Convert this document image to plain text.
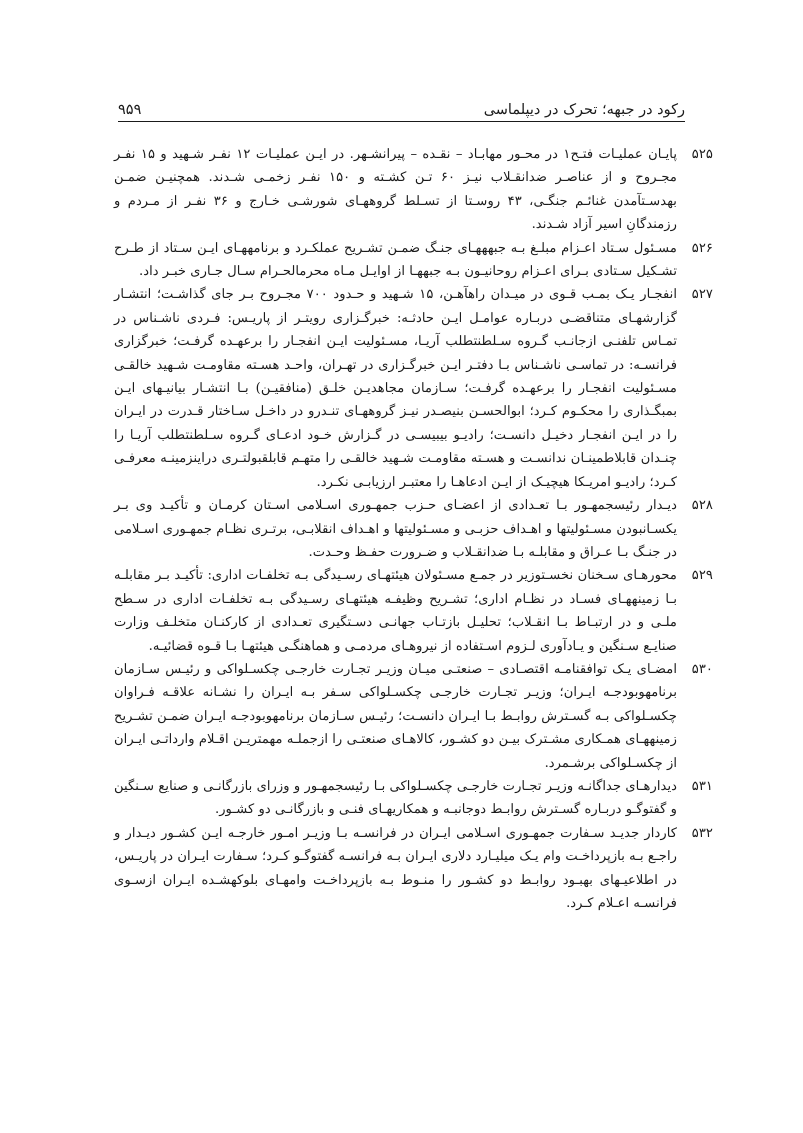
رکود در جبهه؛ تحرک در دیپلماسی
۹۵۹
۵۲۵
پایـان عملیـات فتـح۱ در محـور مهابـاد – نقـده – پیرانشـهر. در ایـن عملیـات ۱۲ نفـر شـهید و ۱۵ نفـر مجـروح و از عناصـر ضدانقـلاب نیـز ۶۰ تـن کشـته و ۱۵۰ نفـر زخمـی شـدند. همچنیـن ضمـن بهدسـتآمدن غنائـم جنگـی، ۴۳ روسـتا از تسـلط گروههـای شورشـی خـارج و ۳۶ نفـر از مـردم و رزمندگانِ اسیر آزاد شـدند.
۵۲۶
مسـئول سـتاد اعـزام مبلـغ بـه جبهههـای جنـگ ضمـن تشـریح عملکـرد و برنامههـای ایـن سـتاد از طـرح تشـکیل سـتادی بـرای اعـزام روحانیـون بـه جبههـا از اوایـل مـاه محرمالحـرام سـال جـاری خبـر داد.
۵۲۷
انفجـار یـک بمـب قـوی در میـدان راهآهـن، ۱۵ شـهید و حـدود ۷۰۰ مجـروح بـر جای گذاشـت؛ انتشـار گزارشهـای متناقضـی دربـاره عوامـل ایـن حادثـه: خبرگـزاری رویتـر از پاریـس: فـردی ناشـناس در تمـاس تلفنـی ازجانـب گـروه سـلطنتطلب آریـا، مسـئولیت ایـن انفجـار را برعهـده گرفـت؛ خبرگزاری فرانسـه: در تماسـی ناشـناس بـا دفتـر ایـن خبرگـزاری در تهـران، واحـد هسـته مقاومـت شـهید خالقـی مسـئولیت انفجـار را برعهـده گرفـت؛ سـازمان مجاهدیـن خلـق (منافقیـن) بـا انتشـار بیانیـهای ایـن بمبگـذاری را محکـوم کـرد؛ ابوالحسـن بنیصـدر نیـز گروههـای تنـدرو در داخـل سـاختار قـدرت در ایـران را در ایـن انفجـار دخیـل دانسـت؛ رادیـو بیبیسـی در گـزارش خـود ادعـای گـروه سـلطنتطلب آریـا را چنـدان قابلاطمینـان ندانسـت و هسـته مقاومـت شـهید خالقـی را متهـم قابلقبولتـری دراینزمینـه معرفـی کـرد؛ رادیـو امریـکا هیچیـک از ایـن ادعاهـا را معتبـر ارزیابـی نکـرد.
۵۲۸
دیـدار رئیسجمهـور بـا تعـدادی از اعضـای حـزب جمهـوری اسـلامی اسـتان کرمـان و تأکیـد وی بـر یکسـانبودن مسـئولیتها و اهـداف حزبـی و مسـئولیتها و اهـداف انقلابـی، برتـری نظـام جمهـوری اسـلامی در جنـگ بـا عـراق و مقابلـه بـا ضدانقـلاب و ضـرورت حفـظ وحـدت.
۵۲۹
محورهـای سـخنان نخسـتوزیر در جمـع مسـئولان هیئتهـای رسـیدگی بـه تخلفـات اداری: تأکیـد بـر مقابلـه بـا زمینههـای فسـاد در نظـام اداری؛ تشـریح وظیفـه هیئتهـای رسـیدگی بـه تخلفـات اداری در سـطح ملـی و در ارتبـاط بـا انقـلاب؛ تحلیـل بازتـاب جهانـی دسـتگیری تعـدادی از کارکنـان متخلـف وزارت صنایـع سـنگین و یـادآوری لـزوم اسـتفاده از نیروهـای مردمـی و هماهنگـی هیئتهـا بـا قـوه قضائیـه.
۵۳۰
امضـای یـک توافقنامـه اقتصـادی – صنعتـی میـان وزیـر تجـارت خارجـی چکسـلواکی و رئیـس سـازمان برنامهوبودجـه ایـران؛ وزیـر تجـارت خارجـی چکسـلواکی سـفر بـه ایـران را نشـانه علاقـه فـراوان چکسـلواکی بـه گسـترش روابـط بـا ایـران دانسـت؛ رئیـس سـازمان برنامهوبودجـه ایـران ضمـن تشـریح زمینههـای همـکاری مشـترک بیـن دو کشـور، کالاهـای صنعتـی را ازجملـه مهمتریـن اقـلام وارداتـی ایـران از چکسـلواکی برشـمرد.
۵۳۱
دیدارهـای جداگانـه وزیـر تجـارت خارجـی چکسـلواکی بـا رئیسجمهـور و وزرای بازرگانـی و صنایع سـنگین و گفتوگـو دربـاره گسـترش روابـط دوجانبـه و همکاریهـای فنـی و بازرگانـی دو کشـور.
۵۳۲
کاردار جدیـد سـفارت جمهـوری اسـلامی ایـران در فرانسـه بـا وزیـر امـور خارجـه ایـن کشـور دیـدار و راجـع بـه بازپرداخـت وام یـک میلیـارد دلاری ایـران بـه فرانسـه گفتوگـو کـرد؛ سـفارت ایـران در پاریـس، در اطلاعیـهای بهبـود روابـط دو کشـور را منـوط بـه بازپرداخـت وامهـای بلوکهشـده ایـران ازسـوی فرانسـه اعـلام کـرد.
